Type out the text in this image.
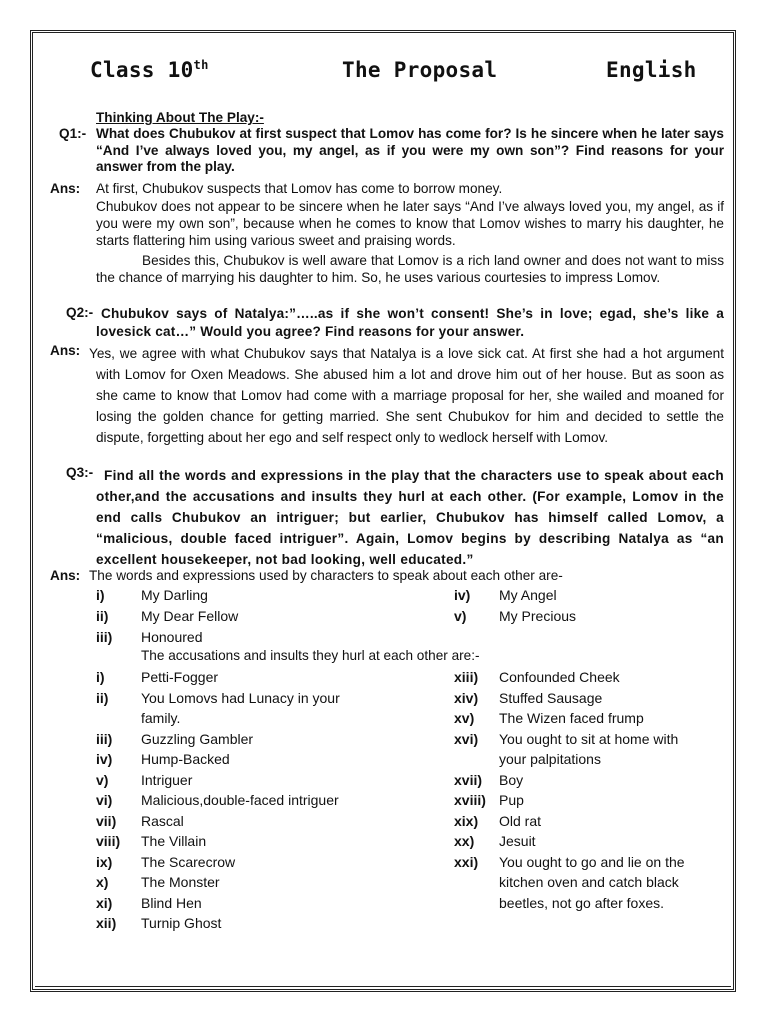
Class 10th	The Proposal	English
Thinking About The Play:-
Q1:- What does Chubukov at first suspect that Lomov has come for? Is he sincere when he later says “And I’ve always loved you, my angel, as if you were my own son”? Find reasons for your answer from the play.
Ans: At first, Chubukov suspects that Lomov has come to borrow money.
Chubukov does not appear to be sincere when he later says “And I’ve always loved you, my angel, as if you were my own son”, because when he comes to know that Lomov wishes to marry his daughter, he starts flattering him using various sweet and praising words.
Besides this, Chubukov is well aware that Lomov is a rich land owner and does not want to miss the chance of marrying his daughter to him. So, he uses various courtesies to impress Lomov.
Q2:- Chubukov says of Natalya:”…..as if she won’t consent! She’s in love; egad, she’s like a lovesick cat…” Would you agree? Find reasons for your answer.
Ans: Yes, we agree with what Chubukov says that Natalya is a love sick cat. At first she had a hot argument with Lomov for Oxen Meadows. She abused him a lot and drove him out of her house. But as soon as she came to know that Lomov had come with a marriage proposal for her, she wailed and moaned for losing the golden chance for getting married. She sent Chubukov for him and decided to settle the dispute, forgetting about her ego and self respect only to wedlock herself with Lomov.
Q3:- Find all the words and expressions in the play that the characters use to speak about each other,and the accusations and insults they hurl at each other. (For example, Lomov in the end calls Chubukov an intriguer; but earlier, Chubukov has himself called Lomov, a “malicious, double faced intriguer”. Again, Lomov begins by describing Natalya as “an excellent housekeeper, not bad looking, well educated.”
Ans: The words and expressions used by characters to speak about each other are-
i)	My Darling
ii) My Dear Fellow
iii) Honoured
iv) My Angel
v) My Precious
The accusations and insults they hurl at each other are:-
i)	Petti-Fogger
ii) You Lomovs had Lunacy in your
family.
iii) Guzzling Gambler
iv) Hump-Backed
v) Intriguer
vi) Malicious,double-faced intriguer
vii) Rascal
viii) The Villain
ix) The Scarecrow
x) The Monster
xi) Blind Hen
xii) Turnip Ghost
xiii) Confounded Cheek
xiv) Stuffed Sausage
xv) The Wizen faced frump
xvi) You ought to sit at home with
your palpitations
xvii) Boy
xviii) Pup
xix) Old rat
xx) Jesuit
xxi) You ought to go and lie on the
kitchen oven and catch black
beetles, not go after foxes.
